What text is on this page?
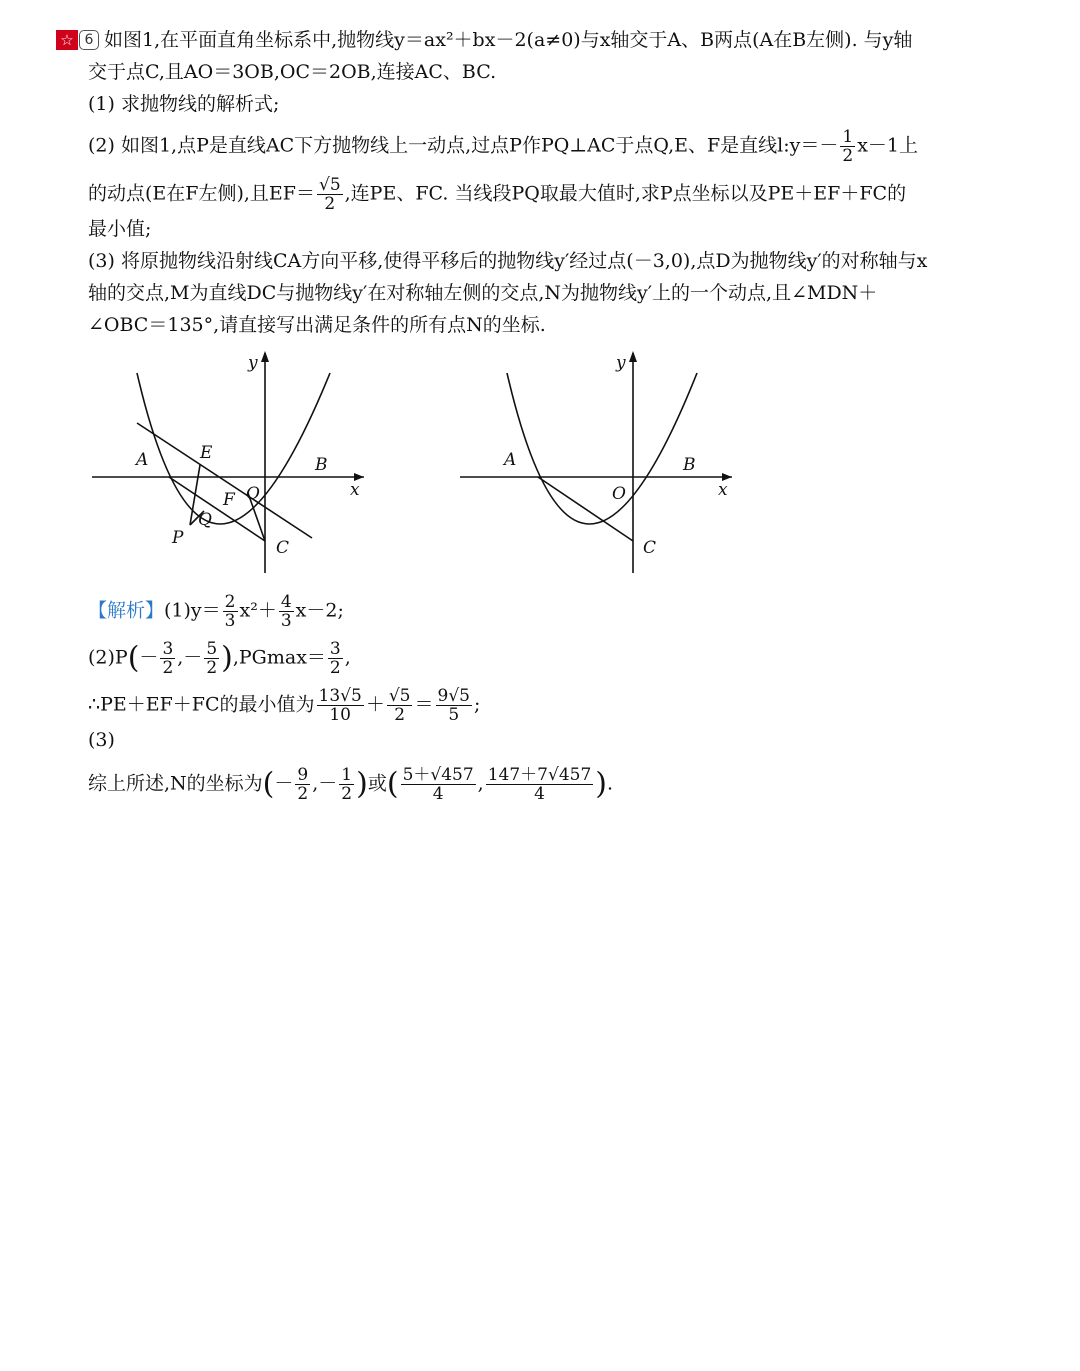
☆ 6 如图1,在平面直角坐标系中,抛物线y＝ax²＋bx－2(a≠0)与x轴交于A、B两点(A在B左侧). 与y轴
交于点C,且AO＝3OB,OC＝2OB,连接AC、BC.
(1) 求抛物线的解析式;
(2) 如图1,点P是直线AC下方抛物线上一动点,过点P作PQ⊥AC于点Q,E、F是直线l:y＝－ $\frac{1}{2} x-1$上
的动点(E在F左侧),且$EF= \frac{√5}{2}$ ,连PE、FC. 当线段PQ取最大值时,求P点坐标以及PE＋EF＋FC的
最小值;
(3) 将原抛物线沿射线CA方向平移,使得平移后的抛物线y′经过点(－3,0),点D为抛物线y′的对称轴与x
轴的交点,M为直线DC与抛物线y′在对称轴左侧的交点,N为抛物线y′上的一个动点,且∠MDN＋
∠OBC＝135°,请直接写出满足条件的所有点N的坐标.
y
x
A	B
O
C
E
F
P
Q
y
x
A	B
O
C
【解析】$(1)y= \frac{2}{3} x^2+ \frac{4}{3} x-2$;
$(2)P(- \frac{3}{2}$ ,－ $\frac{5}{2} ),PGmax= \frac{3}{2}$ ,
∴PE＋EF＋FC的最小值为 $\frac{13√5}{10} + \frac{√5}{2} = \frac{9√5}{5}$ ;
(3)
综上所述,N的坐标为(－ $\frac{9}{2}$ ,－ $\frac{1}{2}$ )或( $\frac{5+√457}{4}$ , $\frac{147+7√457}{4}$ ).
